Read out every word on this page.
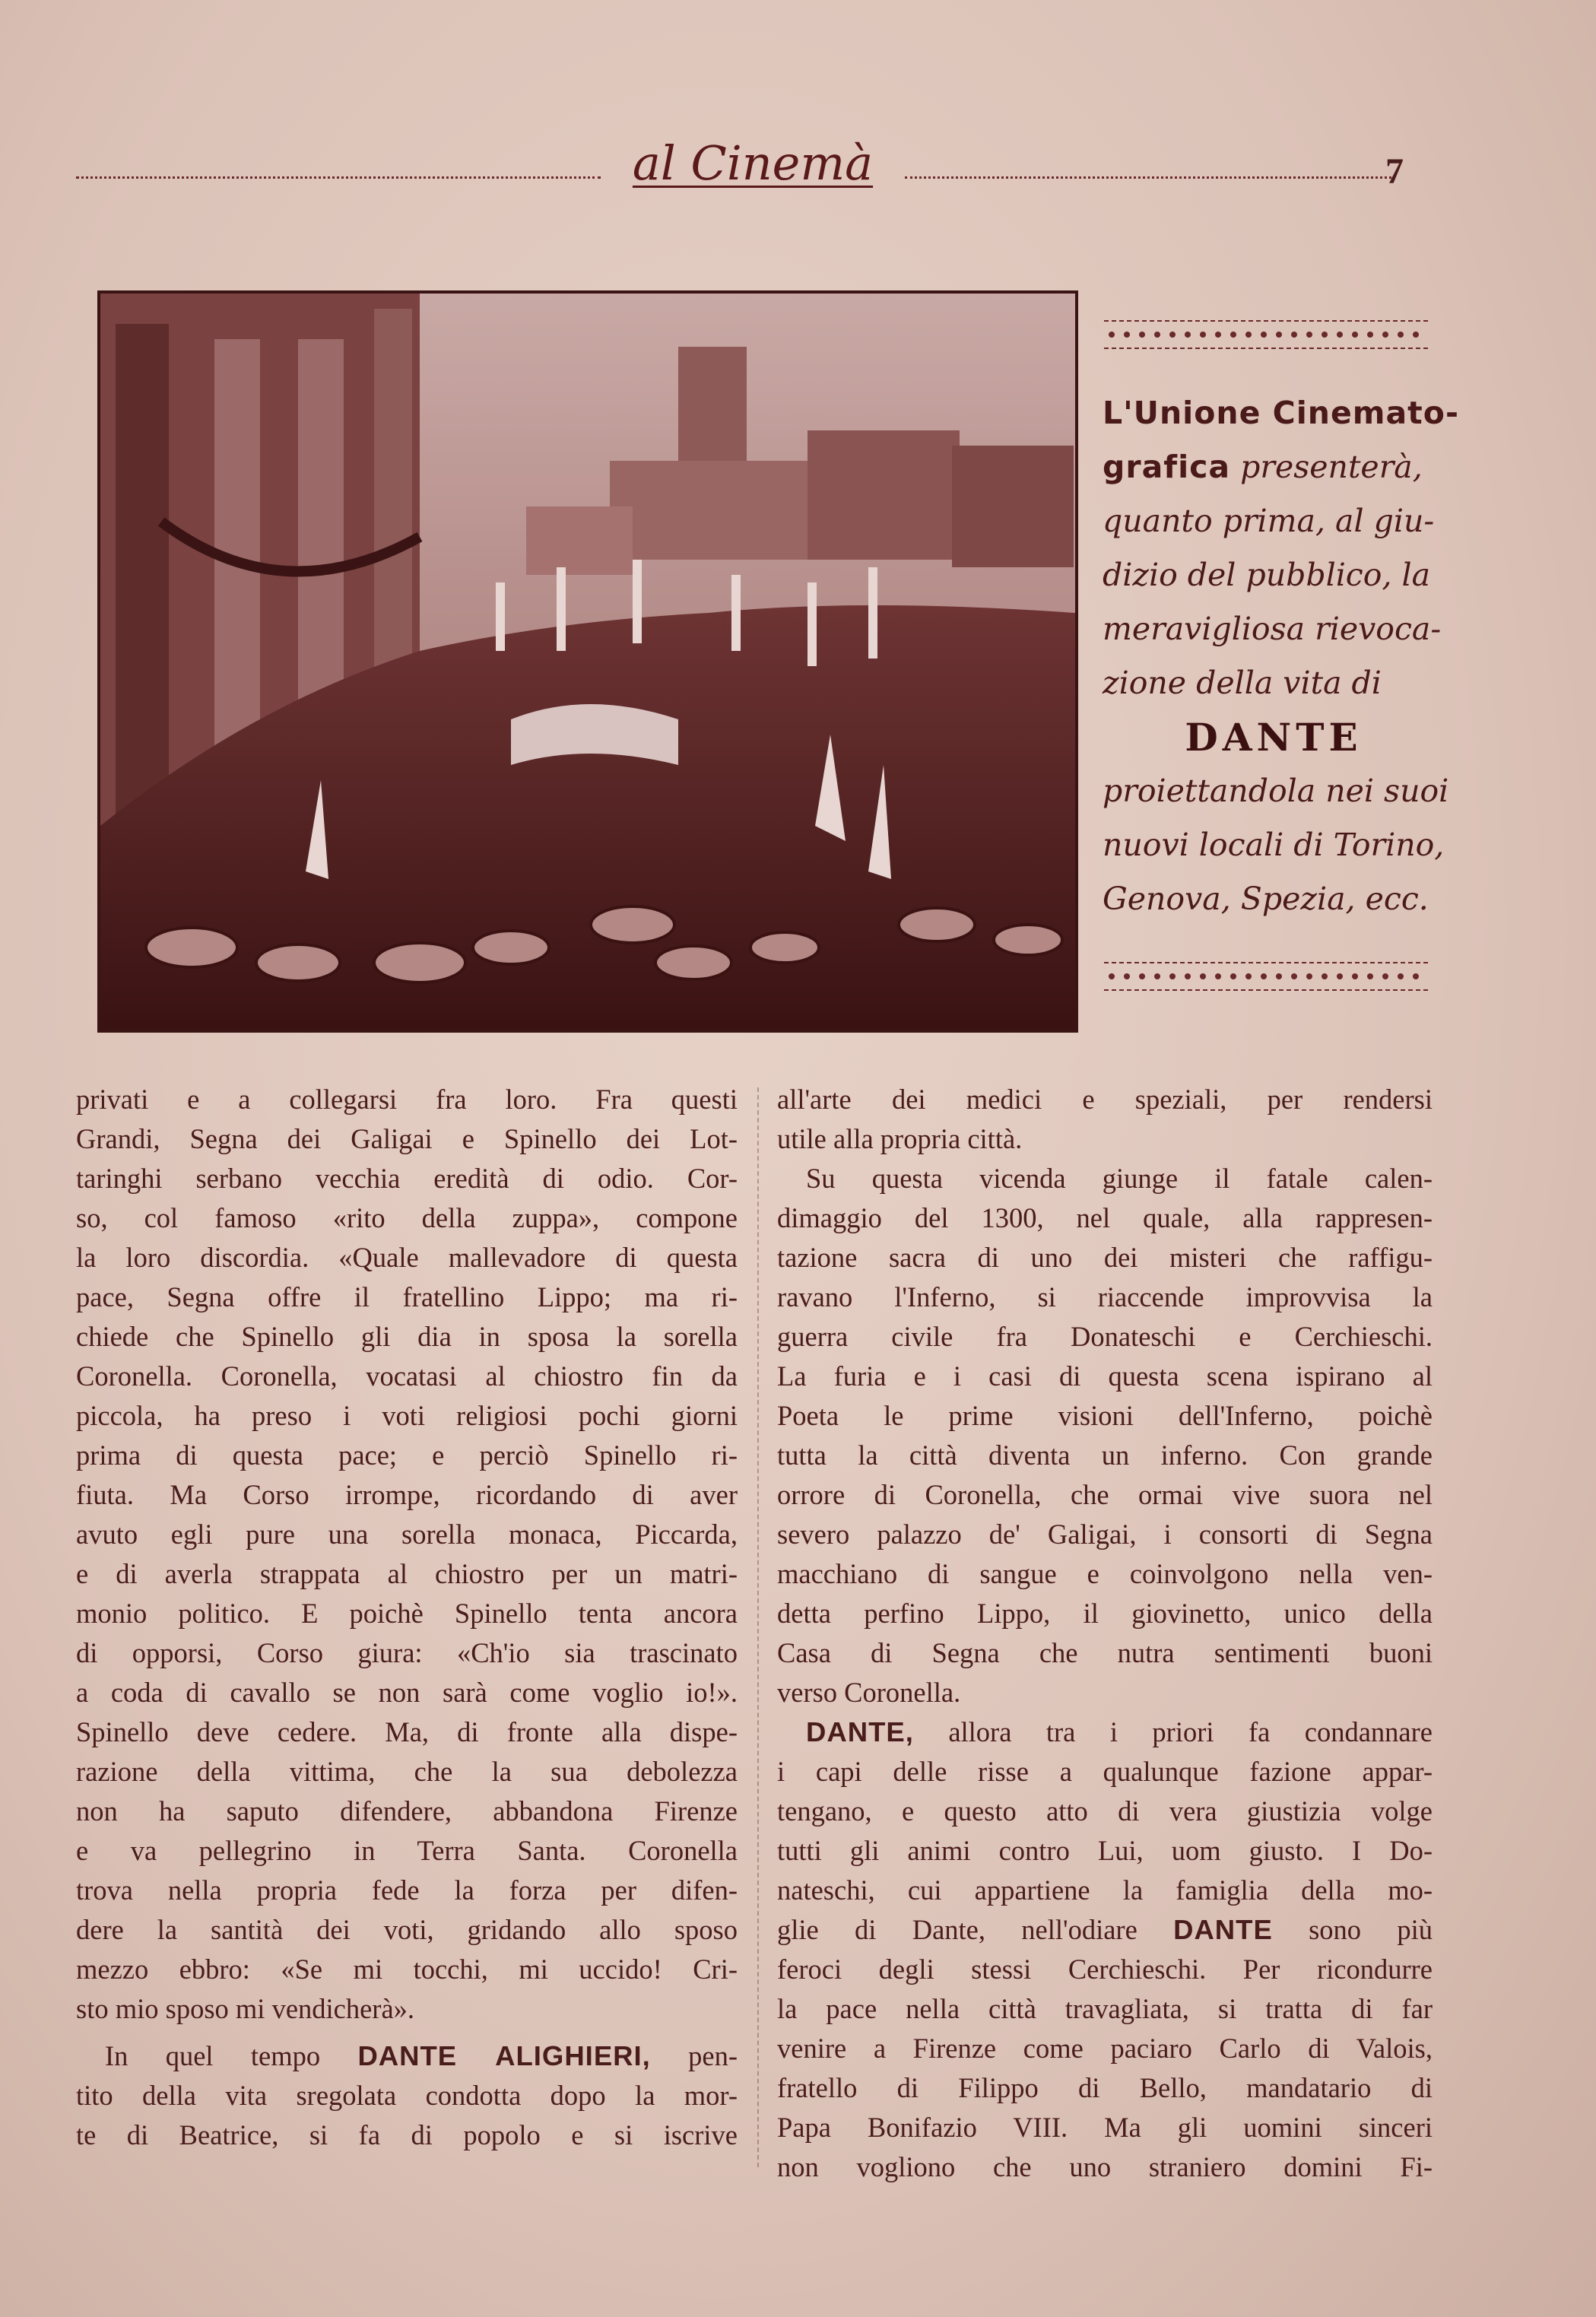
al Cinemà	7
L'Unione Cinemato-
grafica presenterà,
quanto prima, al giu-
dizio del pubblico, la
meravigliosa rievoca-
zione della vita di
DANTE
proiettandola nei suoi
nuovi locali di Torino,
Genova, Spezia, ecc.
privati e a collegarsi fra loro. Fra questi
Grandi, Segna dei Galigai e Spinello dei Lot-
taringhi serbano vecchia eredità di odio. Cor-
so, col famoso «rito della zuppa», compone
la loro discordia. «Quale mallevadore di questa
pace, Segna offre il fratellino Lippo; ma ri-
chiede che Spinello gli dia in sposa la sorella
Coronella. Coronella, vocatasi al chiostro fin da
piccola, ha preso i voti religiosi pochi giorni
prima di questa pace; e perciò Spinello ri-
fiuta. Ma Corso irrompe, ricordando di aver
avuto egli pure una sorella monaca, Piccarda,
e di averla strappata al chiostro per un matri-
monio politico. E poichè Spinello tenta ancora
di opporsi, Corso giura: «Ch'io sia trascinato
a coda di cavallo se non sarà come voglio io!».
Spinello deve cedere. Ma, di fronte alla dispe-
razione della vittima, che la sua debolezza
non ha saputo difendere, abbandona Firenze
e va pellegrino in Terra Santa. Coronella
trova nella propria fede la forza per difen-
dere la santità dei voti, gridando allo sposo
mezzo ebbro: «Se mi tocchi, mi uccido! Cri-
sto mio sposo mi vendicherà».
In quel tempo DANTE ALIGHIERI, pen-
tito della vita sregolata condotta dopo la mor-
te di Beatrice, si fa di popolo e si iscrive
all'arte dei medici e speziali, per rendersi
utile alla propria città.
Su questa vicenda giunge il fatale calen-
dimaggio del 1300, nel quale, alla rappresen-
tazione sacra di uno dei misteri che raffigu-
ravano l'Inferno, si riaccende improvvisa la
guerra civile fra Donateschi e Cerchieschi.
La furia e i casi di questa scena ispirano al
Poeta le prime visioni dell'Inferno, poichè
tutta la città diventa un inferno. Con grande
orrore di Coronella, che ormai vive suora nel
severo palazzo de' Galigai, i consorti di Segna
macchiano di sangue e coinvolgono nella ven-
detta perfino Lippo, il giovinetto, unico della
Casa di Segna che nutra sentimenti buoni
verso Coronella.
DANTE, allora tra i priori fa condannare
i capi delle risse a qualunque fazione appar-
tengano, e questo atto di vera giustizia volge
tutti gli animi contro Lui, uom giusto. I Do-
nateschi, cui appartiene la famiglia della mo-
glie di Dante, nell'odiare DANTE sono più
feroci degli stessi Cerchieschi. Per ricondurre
la pace nella città travagliata, si tratta di far
venire a Firenze come paciaro Carlo di Valois,
fratello di Filippo di Bello, mandatario di
Papa Bonifazio VIII. Ma gli uomini sinceri
non vogliono che uno straniero domini Fi-
